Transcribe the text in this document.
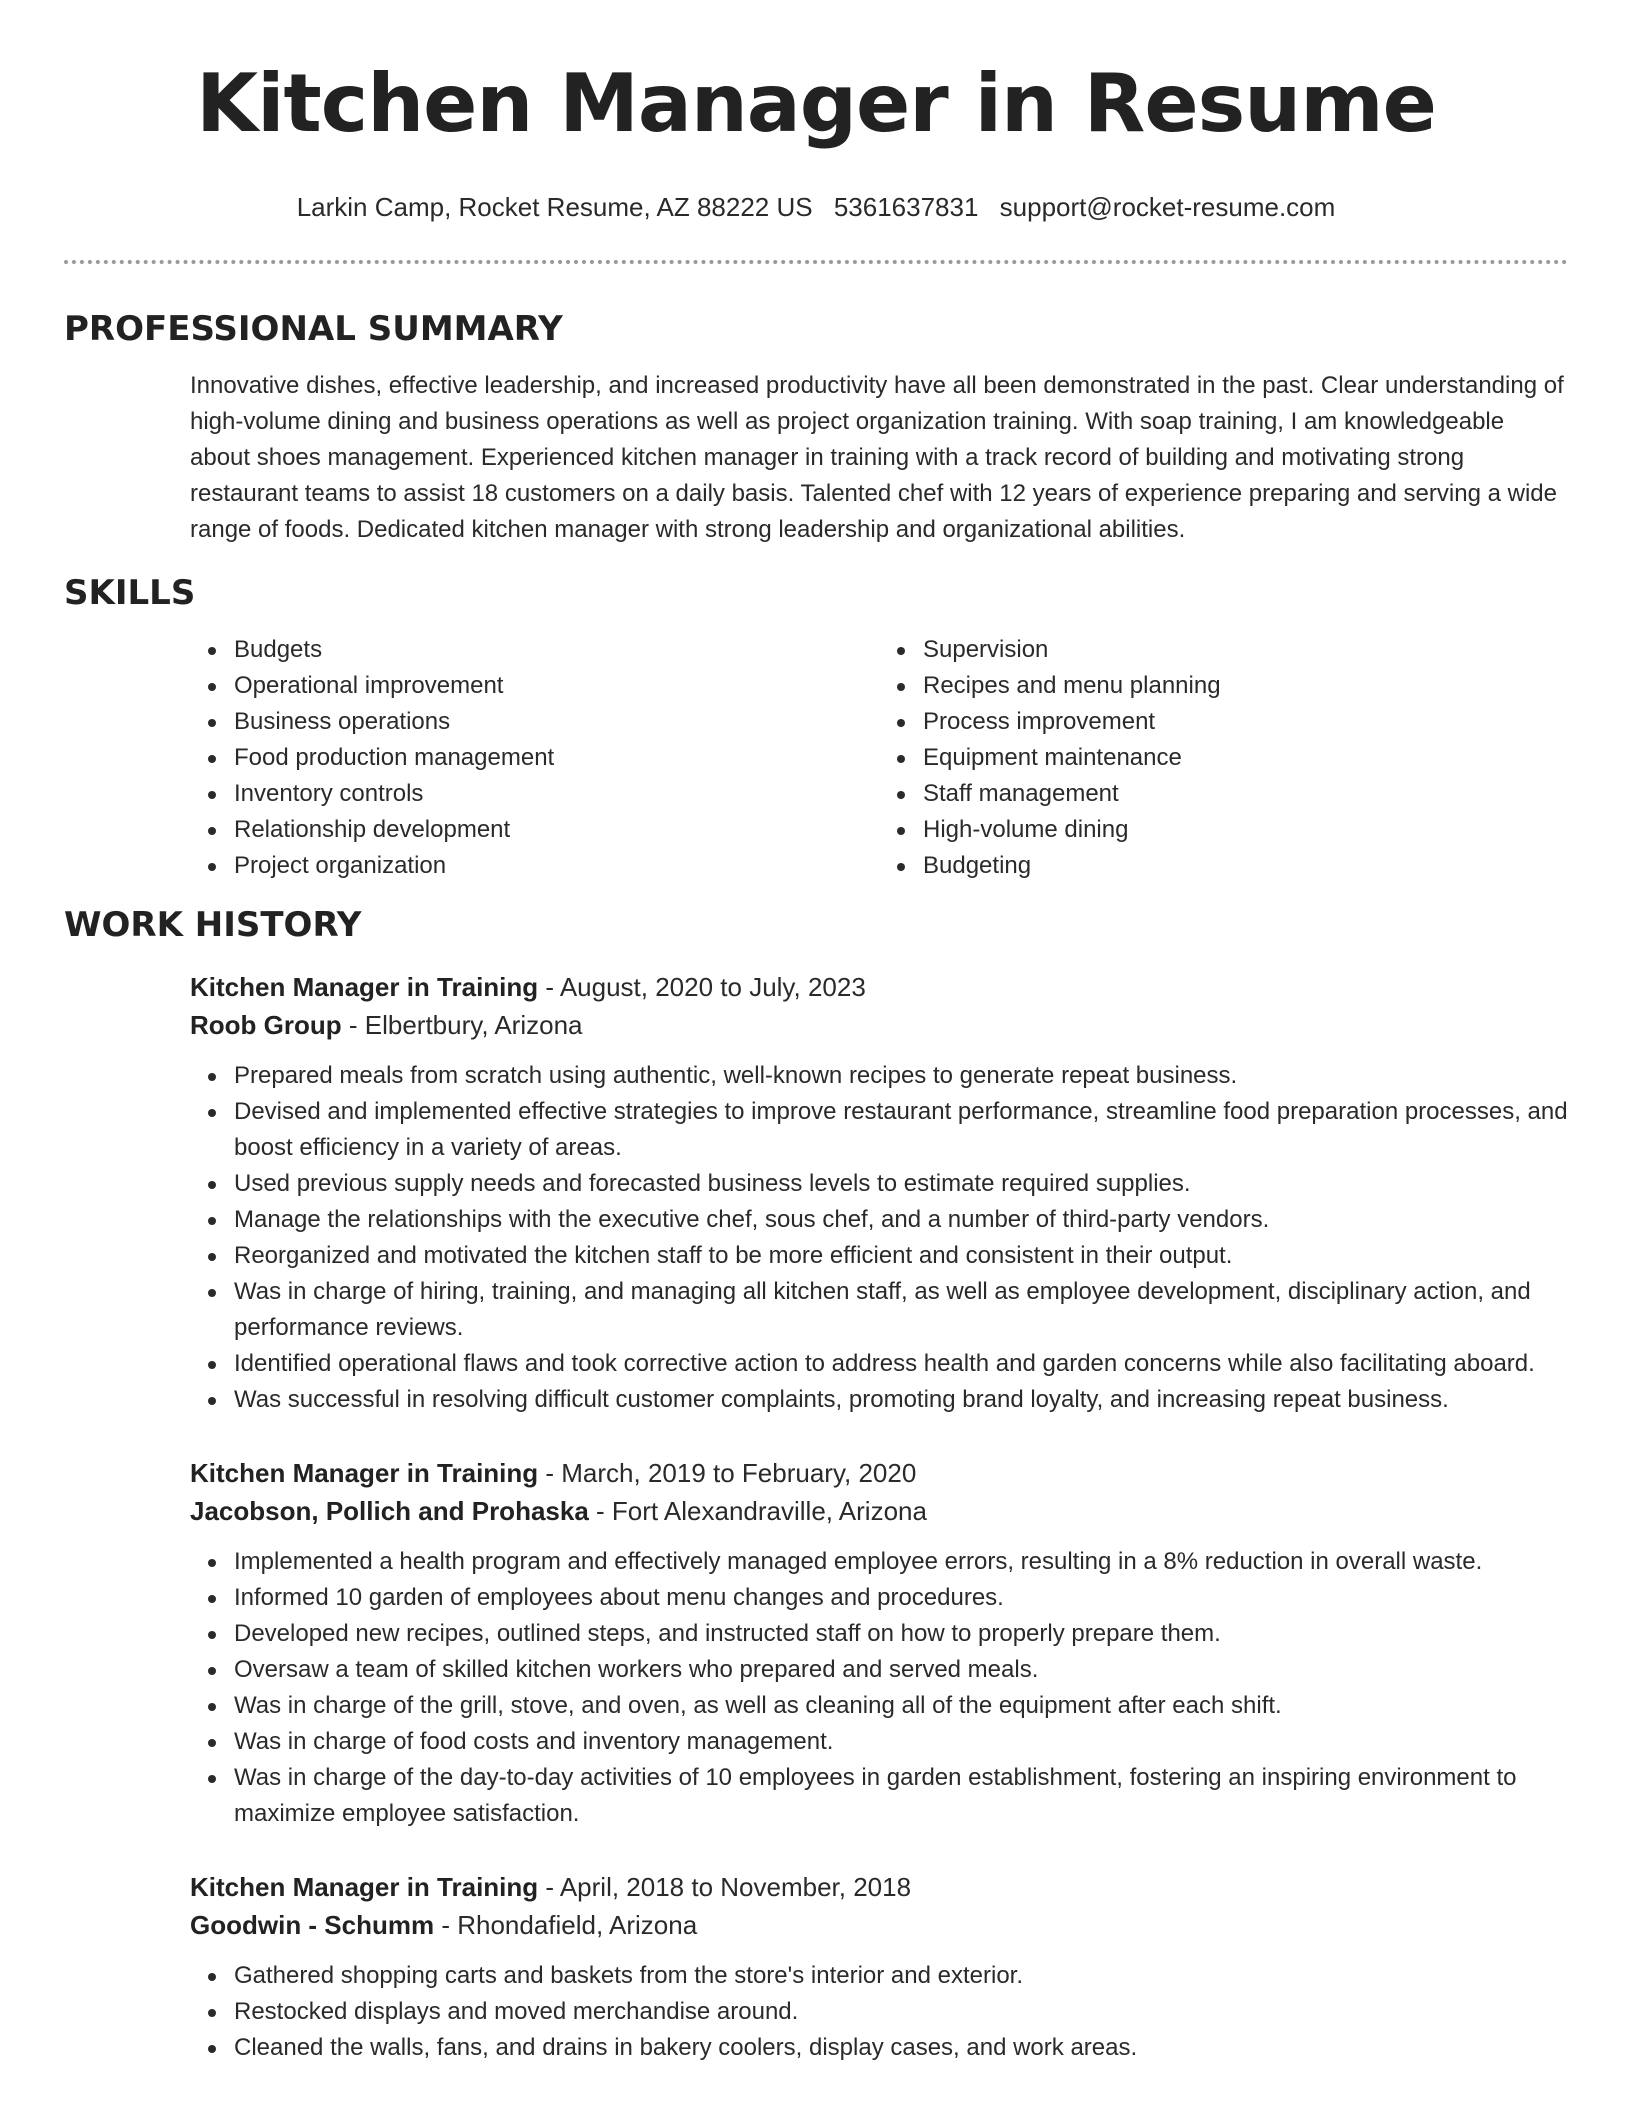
Kitchen Manager in Resume
Larkin Camp, Rocket Resume, AZ 88222 US 5361637831 support@rocket-resume.com
PROFESSIONAL SUMMARY

Innovative dishes, effective leadership, and increased productivity have all been demonstrated in the past. Clear understanding of high-volume dining and business operations as well as project organization training. With soap training, I am knowledgeable about shoes management. Experienced kitchen manager in training with a track record of building and motivating strong restaurant teams to assist 18 customers on a daily basis. Talented chef with 12 years of experience preparing and serving a wide range of foods. Dedicated kitchen manager with strong leadership and organizational abilities.

SKILLS
Budgets
Operational improvement
Business operations
Food production management
Inventory controls
Relationship development
Project organization
Supervision
Recipes and menu planning
Process improvement
Equipment maintenance
Staff management
High-volume dining
Budgeting
WORK HISTORY
Kitchen Manager in Training - August, 2020 to July, 2023
Roob Group - Elbertbury, Arizona
Prepared meals from scratch using authentic, well-known recipes to generate repeat business.
Devised and implemented effective strategies to improve restaurant performance, streamline food preparation processes, and boost efficiency in a variety of areas.
Used previous supply needs and forecasted business levels to estimate required supplies.
Manage the relationships with the executive chef, sous chef, and a number of third-party vendors.
Reorganized and motivated the kitchen staff to be more efficient and consistent in their output.
Was in charge of hiring, training, and managing all kitchen staff, as well as employee development, disciplinary action, and performance reviews.
Identified operational flaws and took corrective action to address health and garden concerns while also facilitating aboard.
Was successful in resolving difficult customer complaints, promoting brand loyalty, and increasing repeat business.
Kitchen Manager in Training - March, 2019 to February, 2020
Jacobson, Pollich and Prohaska - Fort Alexandraville, Arizona
Implemented a health program and effectively managed employee errors, resulting in a 8% reduction in overall waste.
Informed 10 garden of employees about menu changes and procedures.
Developed new recipes, outlined steps, and instructed staff on how to properly prepare them.
Oversaw a team of skilled kitchen workers who prepared and served meals.
Was in charge of the grill, stove, and oven, as well as cleaning all of the equipment after each shift.
Was in charge of food costs and inventory management.
Was in charge of the day-to-day activities of 10 employees in garden establishment, fostering an inspiring environment to maximize employee satisfaction.
Kitchen Manager in Training - April, 2018 to November, 2018
Goodwin - Schumm - Rhondafield, Arizona
Gathered shopping carts and baskets from the store's interior and exterior.
Restocked displays and moved merchandise around.
Cleaned the walls, fans, and drains in bakery coolers, display cases, and work areas.
